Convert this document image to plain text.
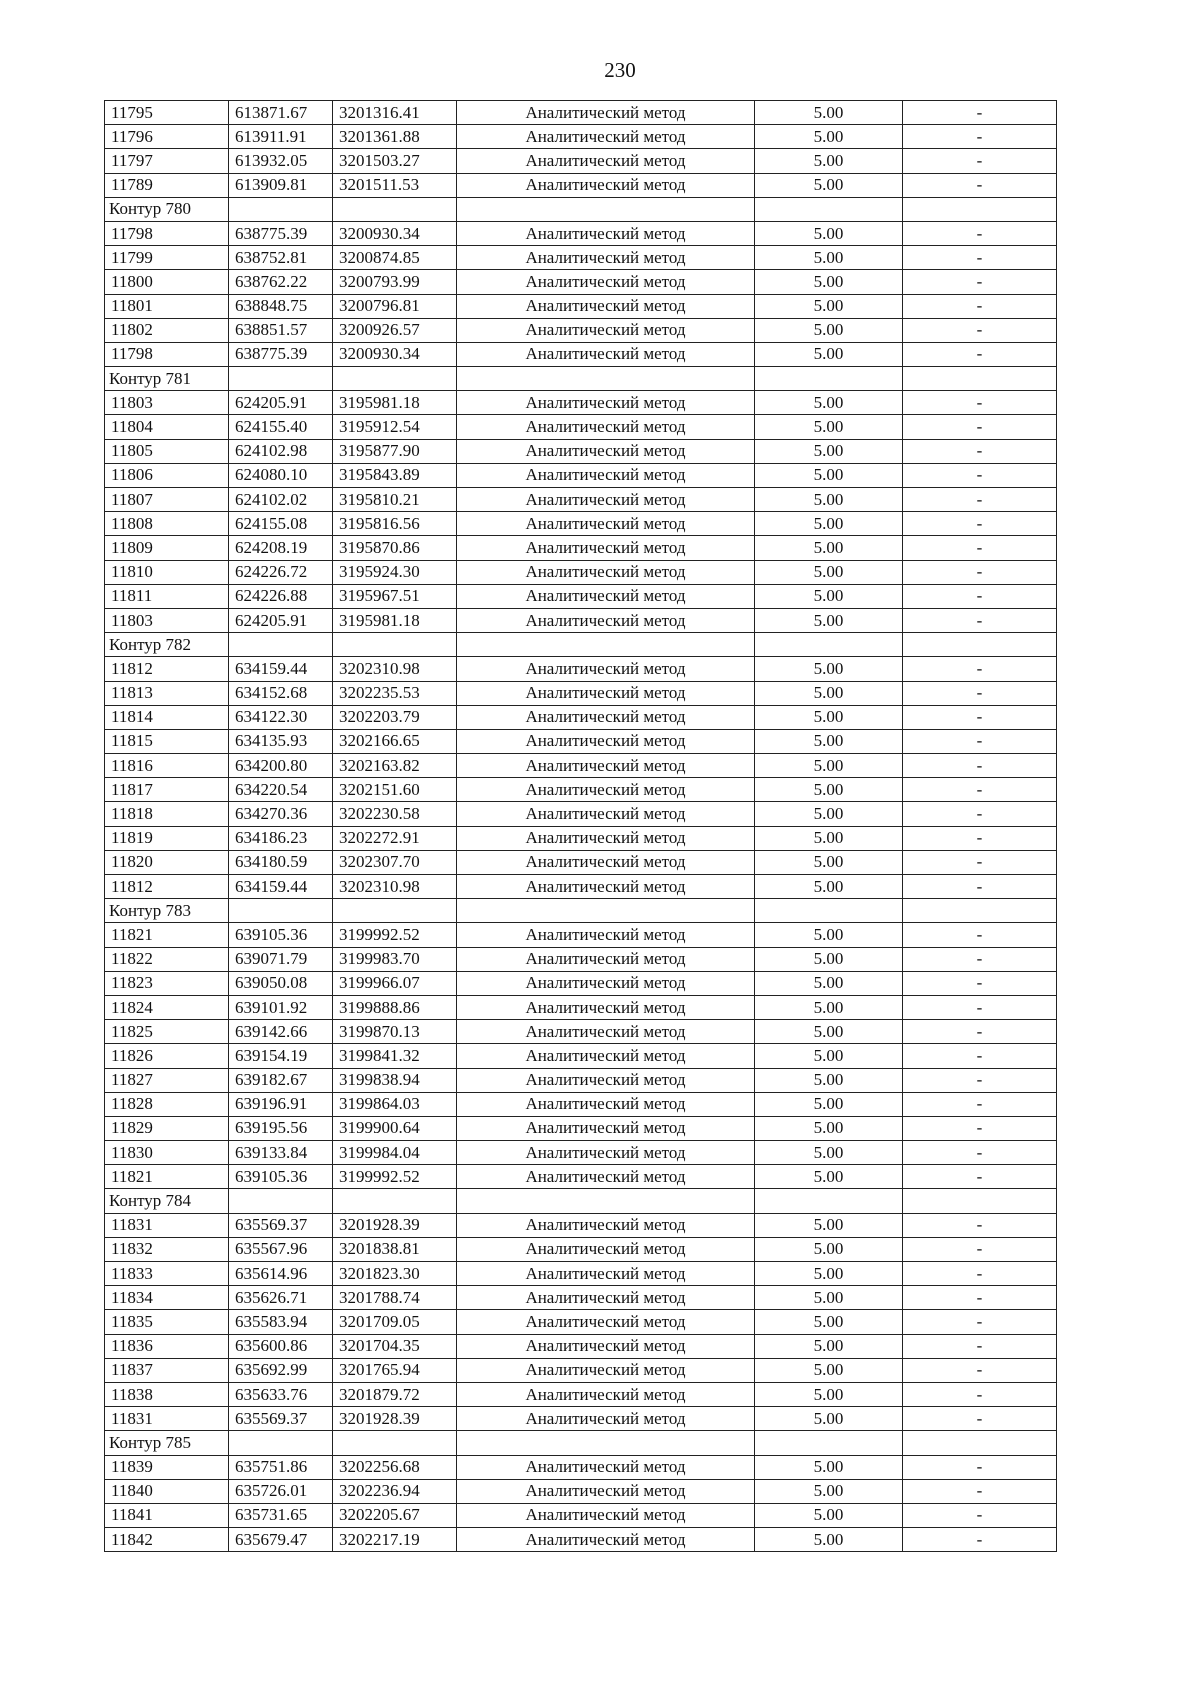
230
11795	613871.67	3201316.41	Аналитический метод	5.00	-
11796	613911.91	3201361.88	Аналитический метод	5.00	-
11797	613932.05	3201503.27	Аналитический метод	5.00	-
11789	613909.81	3201511.53	Аналитический метод	5.00	-
Контур 780					
11798	638775.39	3200930.34	Аналитический метод	5.00	-
11799	638752.81	3200874.85	Аналитический метод	5.00	-
11800	638762.22	3200793.99	Аналитический метод	5.00	-
11801	638848.75	3200796.81	Аналитический метод	5.00	-
11802	638851.57	3200926.57	Аналитический метод	5.00	-
11798	638775.39	3200930.34	Аналитический метод	5.00	-
Контур 781					
11803	624205.91	3195981.18	Аналитический метод	5.00	-
11804	624155.40	3195912.54	Аналитический метод	5.00	-
11805	624102.98	3195877.90	Аналитический метод	5.00	-
11806	624080.10	3195843.89	Аналитический метод	5.00	-
11807	624102.02	3195810.21	Аналитический метод	5.00	-
11808	624155.08	3195816.56	Аналитический метод	5.00	-
11809	624208.19	3195870.86	Аналитический метод	5.00	-
11810	624226.72	3195924.30	Аналитический метод	5.00	-
11811	624226.88	3195967.51	Аналитический метод	5.00	-
11803	624205.91	3195981.18	Аналитический метод	5.00	-
Контур 782					
11812	634159.44	3202310.98	Аналитический метод	5.00	-
11813	634152.68	3202235.53	Аналитический метод	5.00	-
11814	634122.30	3202203.79	Аналитический метод	5.00	-
11815	634135.93	3202166.65	Аналитический метод	5.00	-
11816	634200.80	3202163.82	Аналитический метод	5.00	-
11817	634220.54	3202151.60	Аналитический метод	5.00	-
11818	634270.36	3202230.58	Аналитический метод	5.00	-
11819	634186.23	3202272.91	Аналитический метод	5.00	-
11820	634180.59	3202307.70	Аналитический метод	5.00	-
11812	634159.44	3202310.98	Аналитический метод	5.00	-
Контур 783					
11821	639105.36	3199992.52	Аналитический метод	5.00	-
11822	639071.79	3199983.70	Аналитический метод	5.00	-
11823	639050.08	3199966.07	Аналитический метод	5.00	-
11824	639101.92	3199888.86	Аналитический метод	5.00	-
11825	639142.66	3199870.13	Аналитический метод	5.00	-
11826	639154.19	3199841.32	Аналитический метод	5.00	-
11827	639182.67	3199838.94	Аналитический метод	5.00	-
11828	639196.91	3199864.03	Аналитический метод	5.00	-
11829	639195.56	3199900.64	Аналитический метод	5.00	-
11830	639133.84	3199984.04	Аналитический метод	5.00	-
11821	639105.36	3199992.52	Аналитический метод	5.00	-
Контур 784					
11831	635569.37	3201928.39	Аналитический метод	5.00	-
11832	635567.96	3201838.81	Аналитический метод	5.00	-
11833	635614.96	3201823.30	Аналитический метод	5.00	-
11834	635626.71	3201788.74	Аналитический метод	5.00	-
11835	635583.94	3201709.05	Аналитический метод	5.00	-
11836	635600.86	3201704.35	Аналитический метод	5.00	-
11837	635692.99	3201765.94	Аналитический метод	5.00	-
11838	635633.76	3201879.72	Аналитический метод	5.00	-
11831	635569.37	3201928.39	Аналитический метод	5.00	-
Контур 785					
11839	635751.86	3202256.68	Аналитический метод	5.00	-
11840	635726.01	3202236.94	Аналитический метод	5.00	-
11841	635731.65	3202205.67	Аналитический метод	5.00	-
11842	635679.47	3202217.19	Аналитический метод	5.00	-
